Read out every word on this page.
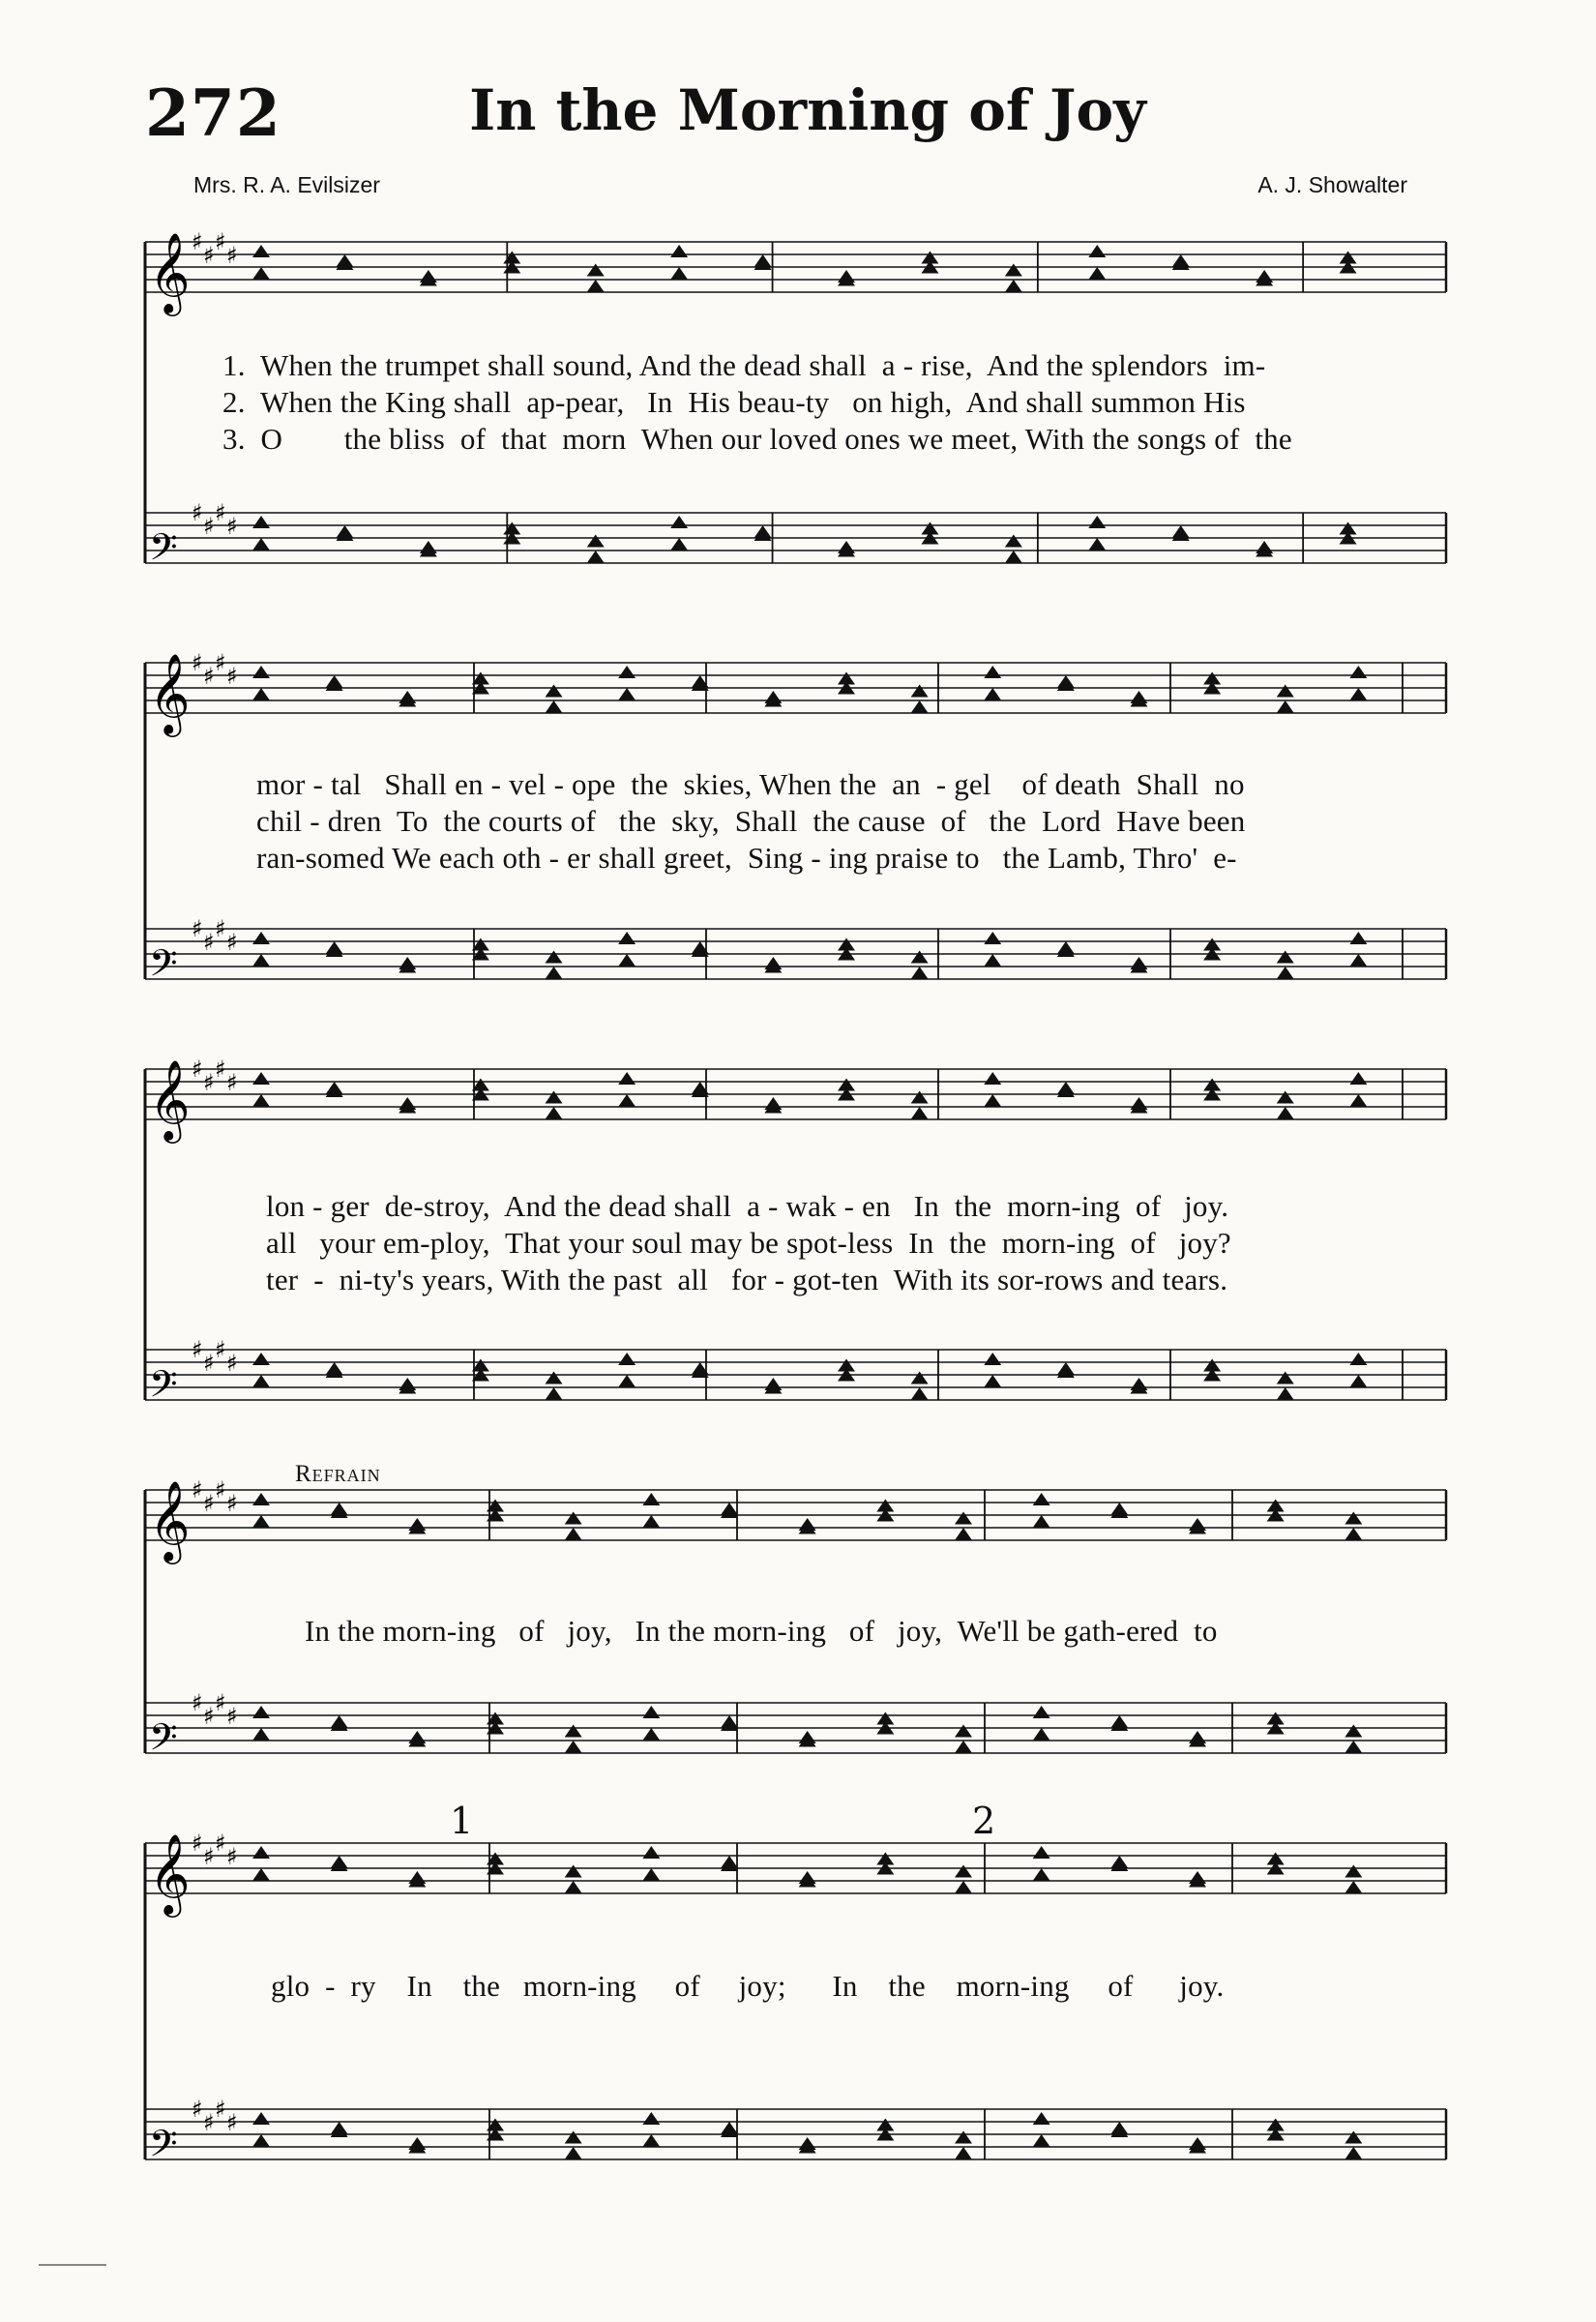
272	In the Morning of Joy
Mrs. R. A. Evilsizer	A. J. Showalter
𝄞 ♯ ♯ ♯ ♯
𝄢
♯ ♯ ♯ ♯
1.  When the trumpet shall sound, And the dead shall  a - rise,  And the splendors  im-
2.  When the King shall  ap-pear,   In  His beau-ty   on high,  And shall summon His
3.  O        the bliss  of  that  morn  When our loved ones we meet, With the songs of  the
𝄞 ♯ ♯ ♯ ♯
𝄢
♯ ♯ ♯ ♯
mor - tal   Shall en - vel - ope  the  skies, When the  an  - gel    of death  Shall  no
chil - dren  To  the courts of   the  sky,  Shall  the cause  of   the  Lord  Have been
ran-somed We each oth - er shall greet,  Sing - ing praise to   the Lamb, Thro'  e-
𝄞 ♯ ♯ ♯ ♯
𝄢
♯ ♯ ♯ ♯
lon - ger  de-stroy,  And the dead shall  a - wak - en   In  the  morn-ing  of   joy.
all   your em-ploy,  That your soul may be spot-less  In  the  morn-ing  of   joy?
ter  -  ni-ty's years, With the past  all   for - got-ten  With its sor-rows and tears.
𝄞 ♯ ♯ ♯ ♯
𝄢
♯ ♯ ♯ ♯
Refrain
In the morn-ing   of   joy,   In the morn-ing   of   joy,  We'll be gath-ered  to
𝄞 ♯ ♯ ♯ ♯
𝄢
♯ ♯ ♯ ♯
1	2
glo  -  ry    In    the   morn-ing     of     joy;      In    the    morn-ing     of      joy.
